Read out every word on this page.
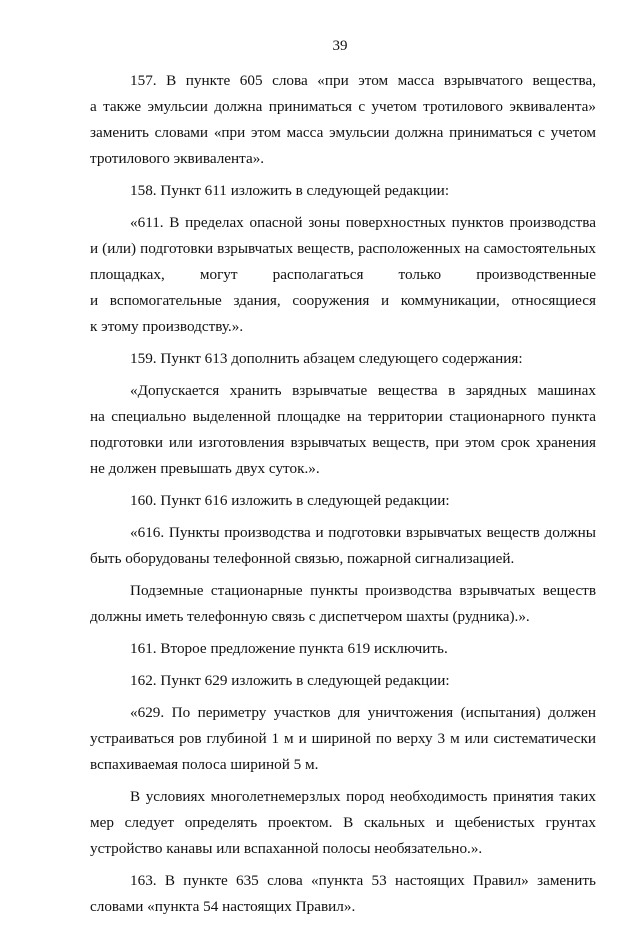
39
157. В пункте 605 слова «при этом масса взрывчатого вещества,
а также эмульсии должна приниматься с учетом тротилового эквивалента»
заменить словами «при этом масса эмульсии должна приниматься с учетом
тротилового эквивалента».
158. Пункт 611 изложить в следующей редакции:
«611. В пределах опасной зоны поверхностных пунктов производства
и (или) подготовки взрывчатых веществ, расположенных на самостоятельных
площадках, могут располагаться только производственные
и вспомогательные здания, сооружения и коммуникации, относящиеся
к этому производству.».
159. Пункт 613 дополнить абзацем следующего содержания:
«Допускается хранить взрывчатые вещества в зарядных машинах
на специально выделенной площадке на территории стационарного пункта
подготовки или изготовления взрывчатых веществ, при этом срок хранения
не должен превышать двух суток.».
160. Пункт 616 изложить в следующей редакции:
«616. Пункты производства и подготовки взрывчатых веществ должны
быть оборудованы телефонной связью, пожарной сигнализацией.
Подземные стационарные пункты производства взрывчатых веществ
должны иметь телефонную связь с диспетчером шахты (рудника).».
161. Второе предложение пункта 619 исключить.
162. Пункт 629 изложить в следующей редакции:
«629. По периметру участков для уничтожения (испытания) должен
устраиваться ров глубиной 1 м и шириной по верху 3 м или систематически
вспахиваемая полоса шириной 5 м.
В условиях многолетнемерзлых пород необходимость принятия таких
мер следует определять проектом. В скальных и щебенистых грунтах
устройство канавы или вспаханной полосы необязательно.».
163. В пункте 635 слова «пункта 53 настоящих Правил» заменить
словами «пункта 54 настоящих Правил».
